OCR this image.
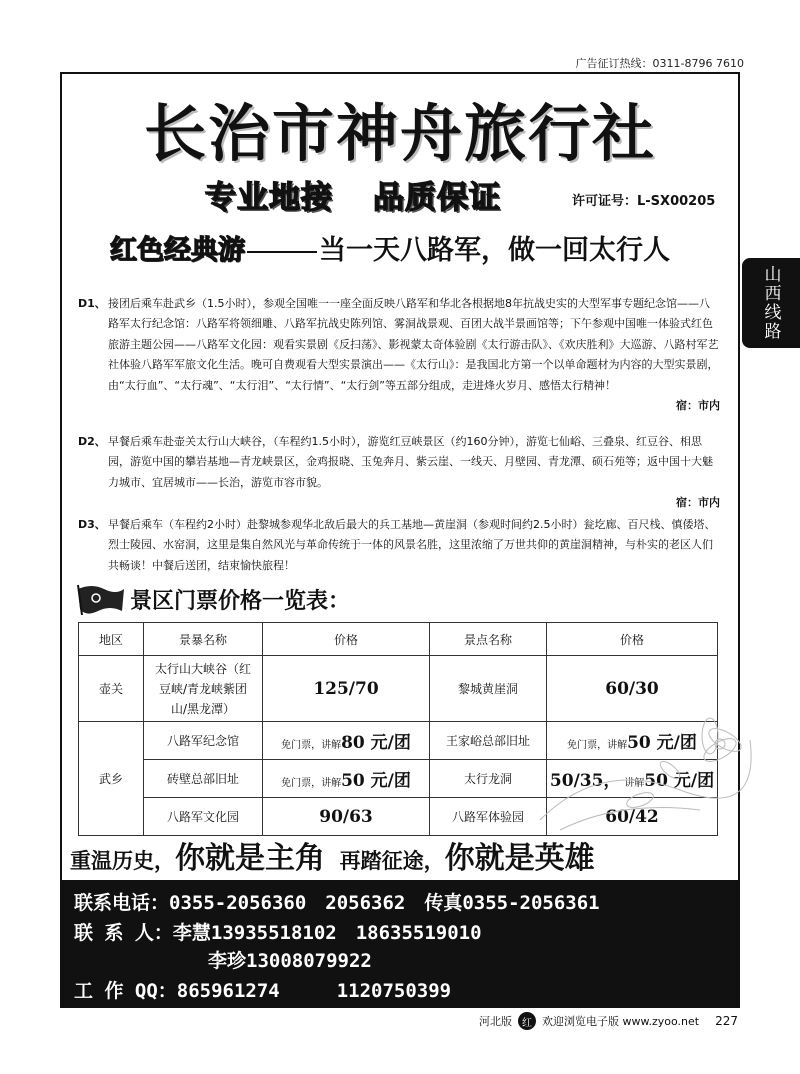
广告征订热线：0311-8796 7610
山西线路
长治市神舟旅行社
专业地接 品质保证	许可证号：L-SX00205
红色经典游	当一天八路军，做一回太行人
D1、 接团后乘车赴武乡（1.5小时），参观全国唯一一座全面反映八路军和华北各根据地8年抗战史实的大型军事专题纪念馆——八路军太行纪念馆：八路军将领细雕、八路军抗战史陈列馆、雾洞战景观、百团大战半景画馆等；下午参观中国唯一体验式红色旅游主题公园——八路军文化园：观看实景剧《反扫荡》、影视蒙太奇体验剧《太行游击队》、《欢庆胜利》大巡游、八路村军艺社体验八路军军旅文化生活。晚可自费观看大型实景演出——《太行山》：是我国北方第一个以单命题材为内容的大型实景剧，由“太行血”、“太行魂”、“太行泪”、“太行情”、“太行剑”等五部分组成，走进烽火岁月、感悟太行精神！
宿：市内
D2、 早餐后乘车赴壶关太行山大峡谷，（车程约1.5小时），游览红豆峡景区（约160分钟），游览七仙峪、三叠泉、红豆谷、相思园，游览中国的攀岩基地—青龙峡景区，金鸡报晓、玉兔奔月、紫云崖、一线天、月壁园、青龙潭、硕石苑等；返中国十大魅力城市、宜居城市——长治，游览市容市貌。
宿：市内
D3、 早餐后乘车（车程约2小时）赴黎城参观华北敌后最大的兵工基地—黄崖洞（参观时间约2.5小时）瓮圪廊、百尺栈、慎倭塔、烈士陵园、水窑洞，这里是集自然风光与革命传统于一体的风景名胜，这里浓缩了万世共仰的黄崖洞精神，与朴实的老区人们共畅谈！中餐后送团，结束愉快旅程！
景区门票价格一览表：
地区	景暴名称	价格	景点名称	价格
壶关	太行山大峡谷（红豆峡/青龙峡紫团山/黑龙潭）	125/70	黎城黄崖洞	60/30
武乡	八路军纪念馆	免门票，讲解80 元/团	王家峪总部旧址	免门票，讲解50 元/团
	砖壁总部旧址	免门票，讲解50 元/团	太行龙洞	50/35， 讲解50 元/团
	八路军文化园	90/63	八路军体验园	60/42
重温历史，你就是主角 再踏征途，你就是英雄
联系电话：0355-2056360　2056362　传真0355-2056361
联 系 人：李慧13935518102　18635519010
李珍13008079922
工 作 QQ：865961274　　　1120750399
河北版	红 欢迎浏览电子版 www.zyoo.net 227
